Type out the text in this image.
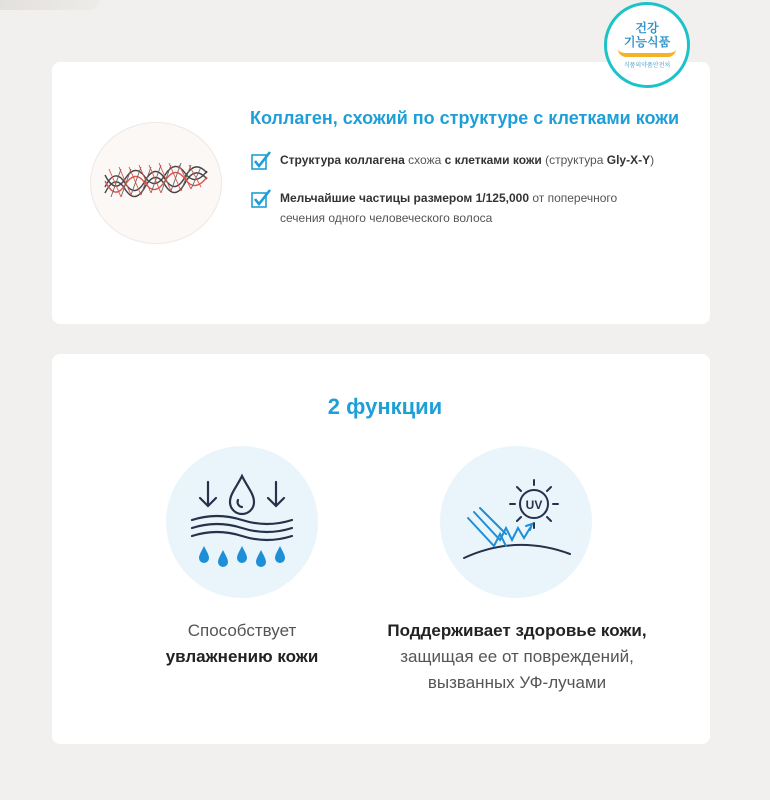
건강
기능식품
식품의약품안전처
Коллаген, схожий по структуре с клетками кожи
Структура коллагена схожа с клетками кожи (структура Gly-X-Y)
Мельчайшие частицы размером 1/125,000 от поперечного
сечения одного человеческого волоса
2 функции
UV
Способствует
увлажнению кожи
Поддерживает здоровье кожи,
защищая ее от повреждений,
вызванных УФ-лучами
